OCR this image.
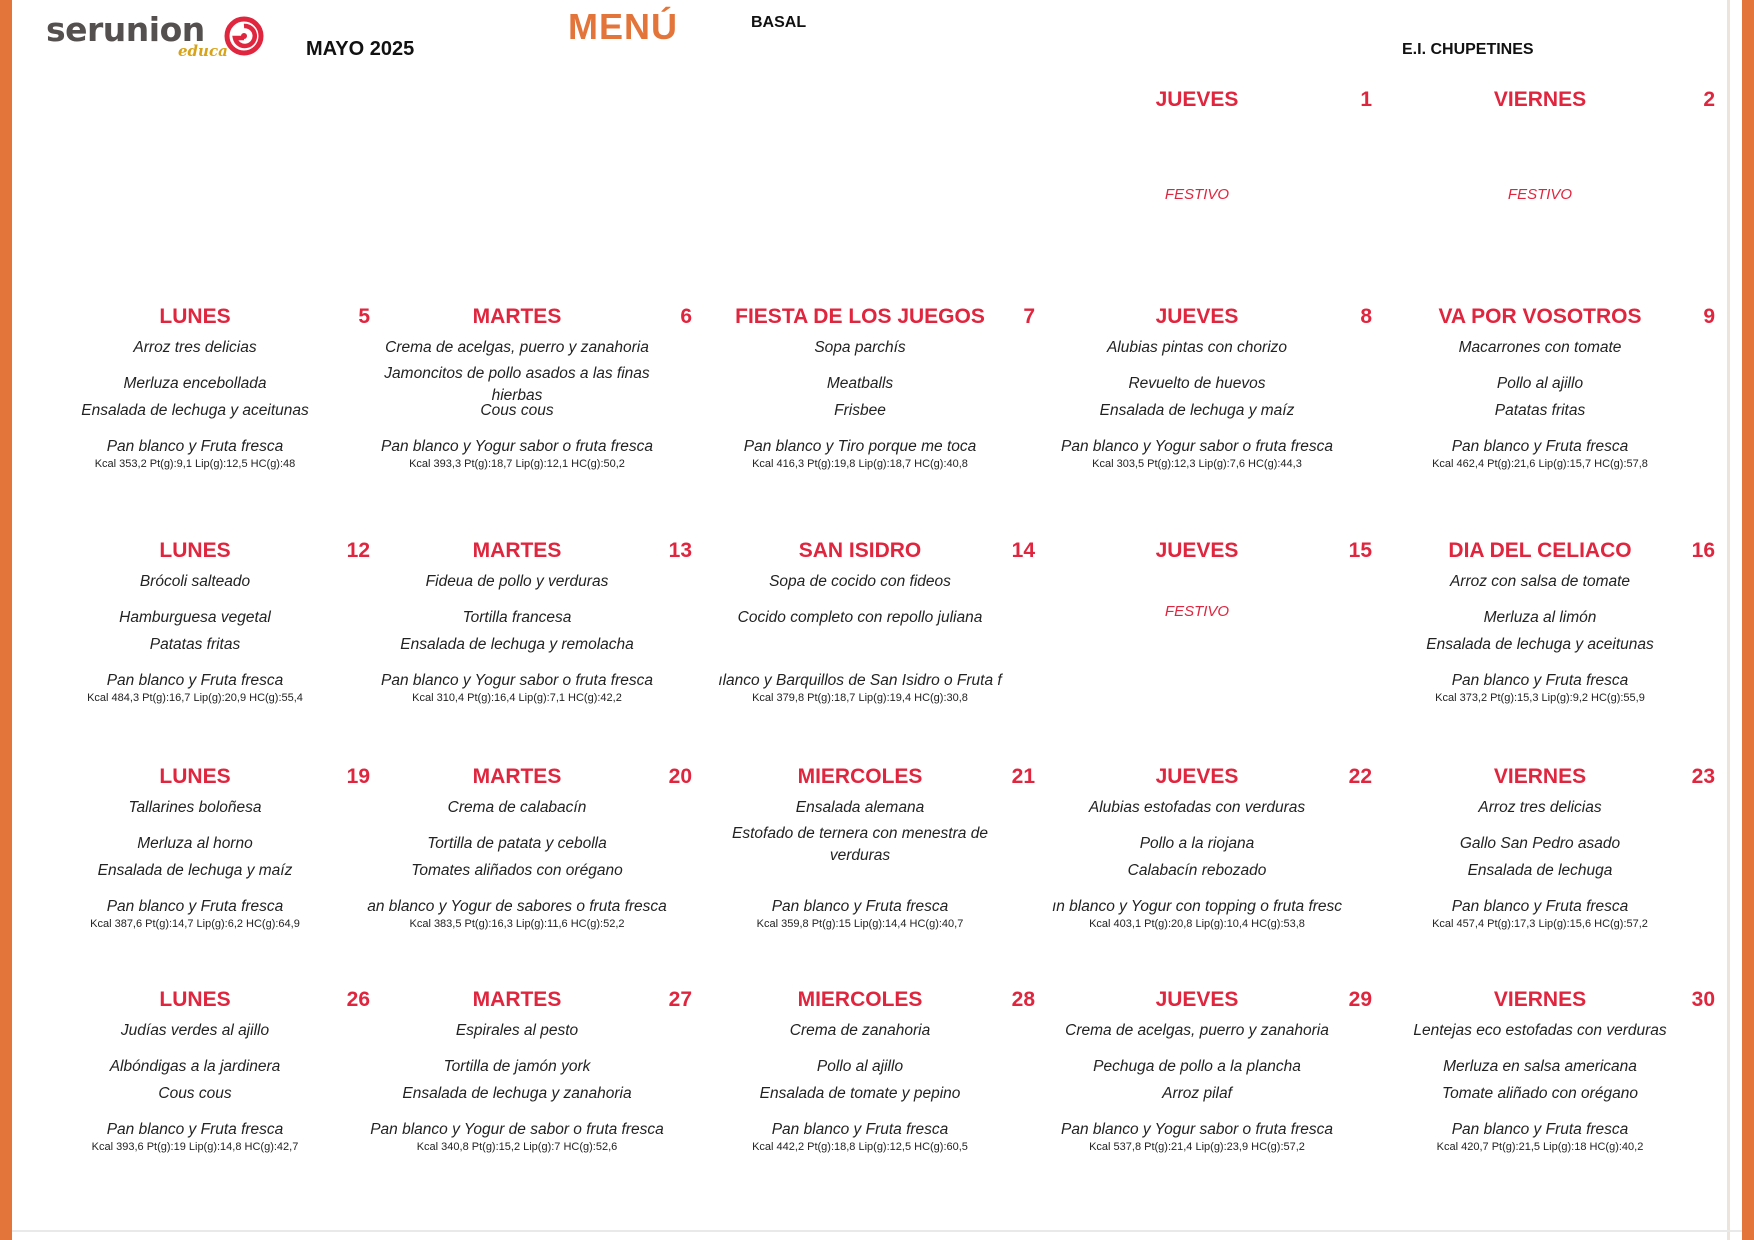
serunion
educa	MAYO 2025
MENÚ	BASAL
E.I. CHUPETINES
JUEVES	1
FESTIVO
VIERNES	2
FESTIVO
LUNES	5
Arroz tres delicias
Merluza encebollada
Ensalada de lechuga y aceitunas
Pan blanco y Fruta fresca
Kcal 353,2 Pt(g):9,1 Lip(g):12,5 HC(g):48
MARTES	6
Crema de acelgas, puerro y zanahoria
Jamoncitos de pollo asados a las finas hierbas
Cous cous
Pan blanco y Yogur sabor o fruta fresca
Kcal 393,3 Pt(g):18,7 Lip(g):12,1 HC(g):50,2
FIESTA DE LOS JUEGOS	7
Sopa parchís
Meatballs
Frisbee
Pan blanco y Tiro porque me toca
Kcal 416,3 Pt(g):19,8 Lip(g):18,7 HC(g):40,8
JUEVES	8
Alubias pintas con chorizo
Revuelto de huevos
Ensalada de lechuga y maíz
Pan blanco y Yogur sabor o fruta fresca
Kcal 303,5 Pt(g):12,3 Lip(g):7,6 HC(g):44,3
VA POR VOSOTROS	9
Macarrones con tomate
Pollo al ajillo
Patatas fritas
Pan blanco y Fruta fresca
Kcal 462,4 Pt(g):21,6 Lip(g):15,7 HC(g):57,8
LUNES	12
Brócoli salteado
Hamburguesa vegetal
Patatas fritas
Pan blanco y Fruta fresca
Kcal 484,3 Pt(g):16,7 Lip(g):20,9 HC(g):55,4
MARTES	13
Fideua de pollo y verduras
Tortilla francesa
Ensalada de lechuga y remolacha
Pan blanco y Yogur sabor o fruta fresca
Kcal 310,4 Pt(g):16,4 Lip(g):7,1 HC(g):42,2
SAN ISIDRO	14
Sopa de cocido con fideos
Cocido completo con repollo juliana
ılanco y Barquillos de San Isidro o Fruta f
Kcal 379,8 Pt(g):18,7 Lip(g):19,4 HC(g):30,8
JUEVES	15
FESTIVO
DIA DEL CELIACO	16
Arroz con salsa de tomate
Merluza al limón
Ensalada de lechuga y aceitunas
Pan blanco y Fruta fresca
Kcal 373,2 Pt(g):15,3 Lip(g):9,2 HC(g):55,9
LUNES	19
Tallarines boloñesa
Merluza al horno
Ensalada de lechuga y maíz
Pan blanco y Fruta fresca
Kcal 387,6 Pt(g):14,7 Lip(g):6,2 HC(g):64,9
MARTES	20
Crema de calabacín
Tortilla de patata y cebolla
Tomates aliñados con orégano
an blanco y Yogur de sabores o fruta fresca
Kcal 383,5 Pt(g):16,3 Lip(g):11,6 HC(g):52,2
MIERCOLES	21
Ensalada alemana
Estofado de ternera con menestra de verduras
Pan blanco y Fruta fresca
Kcal 359,8 Pt(g):15 Lip(g):14,4 HC(g):40,7
JUEVES	22
Alubias estofadas con verduras
Pollo a la riojana
Calabacín rebozado
ın blanco y Yogur con topping o fruta fresc
Kcal 403,1 Pt(g):20,8 Lip(g):10,4 HC(g):53,8
VIERNES	23
Arroz tres delicias
Gallo San Pedro asado
Ensalada de lechuga
Pan blanco y Fruta fresca
Kcal 457,4 Pt(g):17,3 Lip(g):15,6 HC(g):57,2
LUNES	26
Judías verdes al ajillo
Albóndigas a la jardinera
Cous cous
Pan blanco y Fruta fresca
Kcal 393,6 Pt(g):19 Lip(g):14,8 HC(g):42,7
MARTES	27
Espirales al pesto
Tortilla de jamón york
Ensalada de lechuga y zanahoria
Pan blanco y Yogur de sabor o fruta fresca
Kcal 340,8 Pt(g):15,2 Lip(g):7 HC(g):52,6
MIERCOLES	28
Crema de zanahoria
Pollo al ajillo
Ensalada de tomate y pepino
Pan blanco y Fruta fresca
Kcal 442,2 Pt(g):18,8 Lip(g):12,5 HC(g):60,5
JUEVES	29
Crema de acelgas, puerro y zanahoria
Pechuga de pollo a la plancha
Arroz pilaf
Pan blanco y Yogur sabor o fruta fresca
Kcal 537,8 Pt(g):21,4 Lip(g):23,9 HC(g):57,2
VIERNES	30
Lentejas eco estofadas con verduras
Merluza en salsa americana
Tomate aliñado con orégano
Pan blanco y Fruta fresca
Kcal 420,7 Pt(g):21,5 Lip(g):18 HC(g):40,2
